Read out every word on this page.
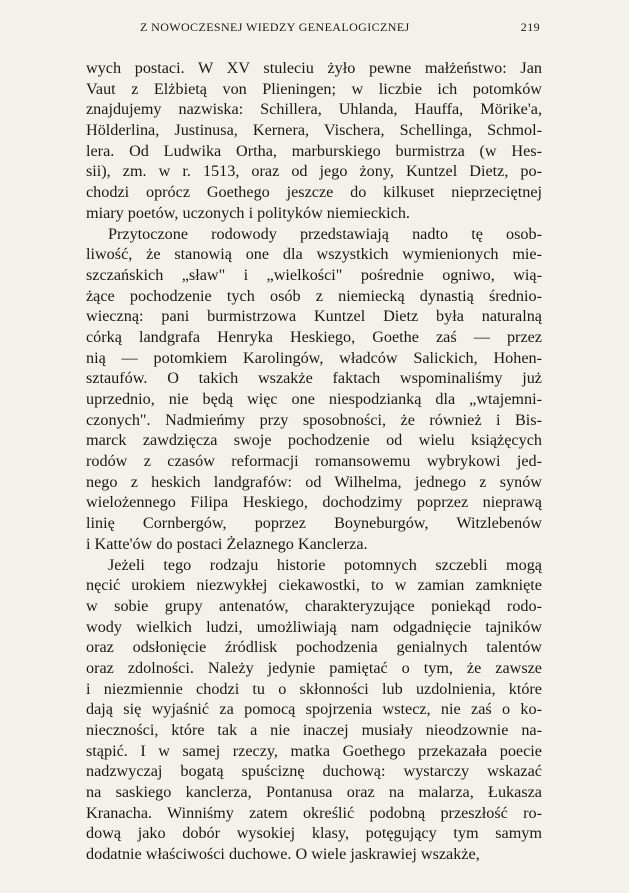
Z NOWOCZESNEJ WIEDZY GENEALOGICZNEJ	219
wych postaci. W XV stuleciu żyło pewne małżeństwo: Jan
Vaut z Elżbietą von Plieningen; w liczbie ich potomków
znajdujemy nazwiska: Schillera, Uhlanda, Hauffa, Mörike'a,
Hölderlina, Justinusa, Kernera, Vischera, Schellinga, Schmol-
lera. Od Ludwika Ortha, marburskiego burmistrza (w Hes-
sii), zm. w r. 1513, oraz od jego żony, Kuntzel Dietz, po-
chodzi oprócz Goethego jeszcze do kilkuset nieprzeciętnej
miary poetów, uczonych i polityków niemieckich.
Przytoczone rodowody przedstawiają nadto tę osob-
liwość, że stanowią one dla wszystkich wymienionych mie-
szczańskich „sław" i „wielkości" pośrednie ogniwo, wią-
żące pochodzenie tych osób z niemiecką dynastią średnio-
wieczną: pani burmistrzowa Kuntzel Dietz była naturalną
córką landgrafa Henryka Heskiego, Goethe zaś — przez
nią — potomkiem Karolingów, władców Salickich, Hohen-
sztaufów. O takich wszakże faktach wspominaliśmy już
uprzednio, nie będą więc one niespodzianką dla „wtajemni-
czonych". Nadmieńmy przy sposobności, że również i Bis-
marck zawdzięcza swoje pochodzenie od wielu książęcych
rodów z czasów reformacji romansowemu wybrykowi jed-
nego z heskich landgrafów: od Wilhelma, jednego z synów
wielożennego Filipa Heskiego, dochodzimy poprzez nieprawą
linię Cornbergów, poprzez Boyneburgów, Witzlebenów
i Katte'ów do postaci Żelaznego Kanclerza.
Jeżeli tego rodzaju historie potomnych szczebli mogą
nęcić urokiem niezwykłej ciekawostki, to w zamian zamknięte
w sobie grupy antenatów, charakteryzujące poniekąd rodo-
wody wielkich ludzi, umożliwiają nam odgadnięcie tajników
oraz odsłonięcie źródlisk pochodzenia genialnych talentów
oraz zdolności. Należy jedynie pamiętać o tym, że zawsze
i niezmiennie chodzi tu o skłonności lub uzdolnienia, które
dają się wyjaśnić za pomocą spojrzenia wstecz, nie zaś o ko-
nieczności, które tak a nie inaczej musiały nieodzownie na-
stąpić. I w samej rzeczy, matka Goethego przekazała poecie
nadzwyczaj bogatą spuściznę duchową: wystarczy wskazać
na saskiego kanclerza, Pontanusa oraz na malarza, Łukasza
Kranacha. Winniśmy zatem określić podobną przeszłość ro-
dową jako dobór wysokiej klasy, potęgujący tym samym
dodatnie właściwości duchowe. O wiele jaskrawiej wszakże,
